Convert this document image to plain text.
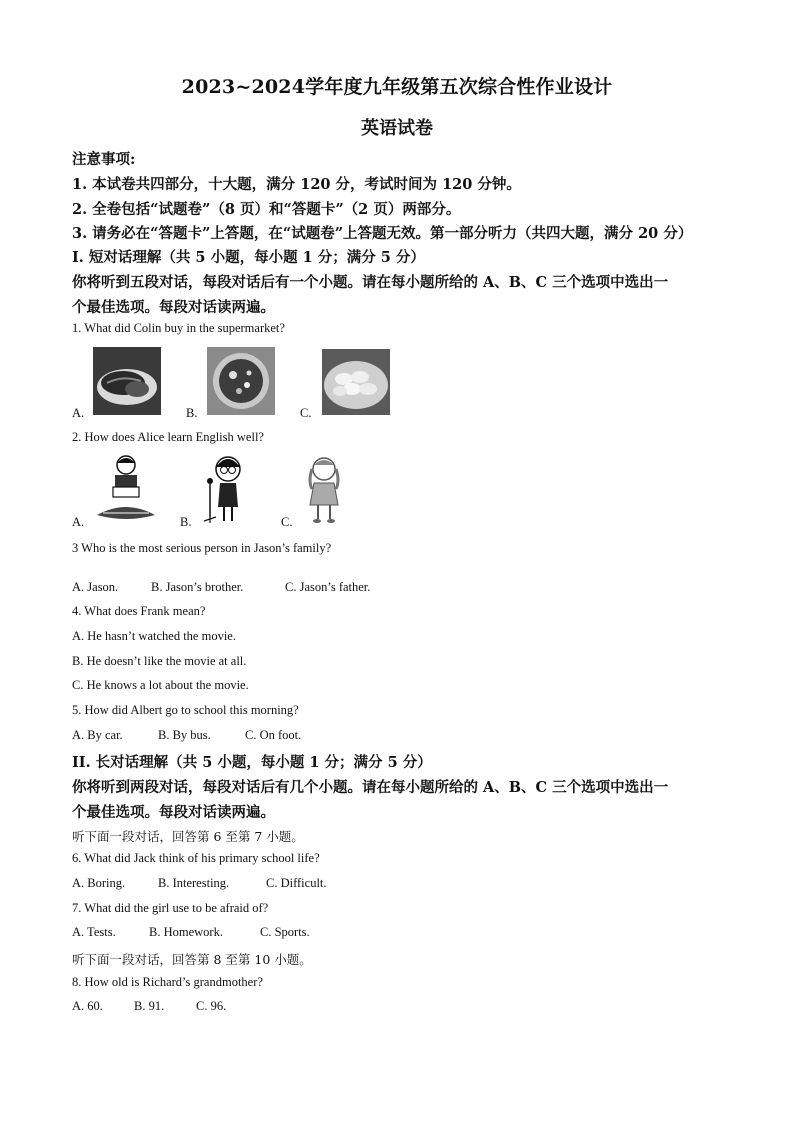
2023~2024学年度九年级第五次综合性作业设计
英语试卷
注意事项:
1. 本试卷共四部分，十大题，满分 120 分，考试时间为 120 分钟。
2. 全卷包括“试题卷”（8 页）和“答题卡”（2 页）两部分。
3. 请务必在“答题卡”上答题，在“试题卷”上答题无效。第一部分听力（共四大题，满分 20 分）
I. 短对话理解（共 5 小题，每小题 1 分；满分 5 分）
你将听到五段对话，每段对话后有一个小题。请在每小题所给的 A、B、C 三个选项中选出一
个最佳选项。每段对话读两遍。
1. What did Colin buy in the supermarket?
A.	B.	C.
2. How does Alice learn English well?
A.	B.	C.
3 Who is the most serious person in Jason’s family?
A. Jason.	B. Jason’s brother.	C. Jason’s father.
4. What does Frank mean?
A. He hasn’t watched the movie.
B. He doesn’t like the movie at all.
C. He knows a lot about the movie.
5. How did Albert go to school this morning?
A. By car.	B. By bus.	C. On foot.
II. 长对话理解（共 5 小题，每小题 1 分；满分 5 分）
你将听到两段对话，每段对话后有几个小题。请在每小题所给的 A、B、C 三个选项中选出一
个最佳选项。每段对话读两遍。
听下面一段对话，回答第 6 至第 7 小题。
6. What did Jack think of his primary school life?
A. Boring.	B. Interesting.	C. Difficult.
7. What did the girl use to be afraid of?
A. Tests.	B. Homework.	C. Sports.
听下面一段对话，回答第 8 至第 10 小题。
8. How old is Richard’s grandmother?
A. 60. B. 91.	C. 96.
